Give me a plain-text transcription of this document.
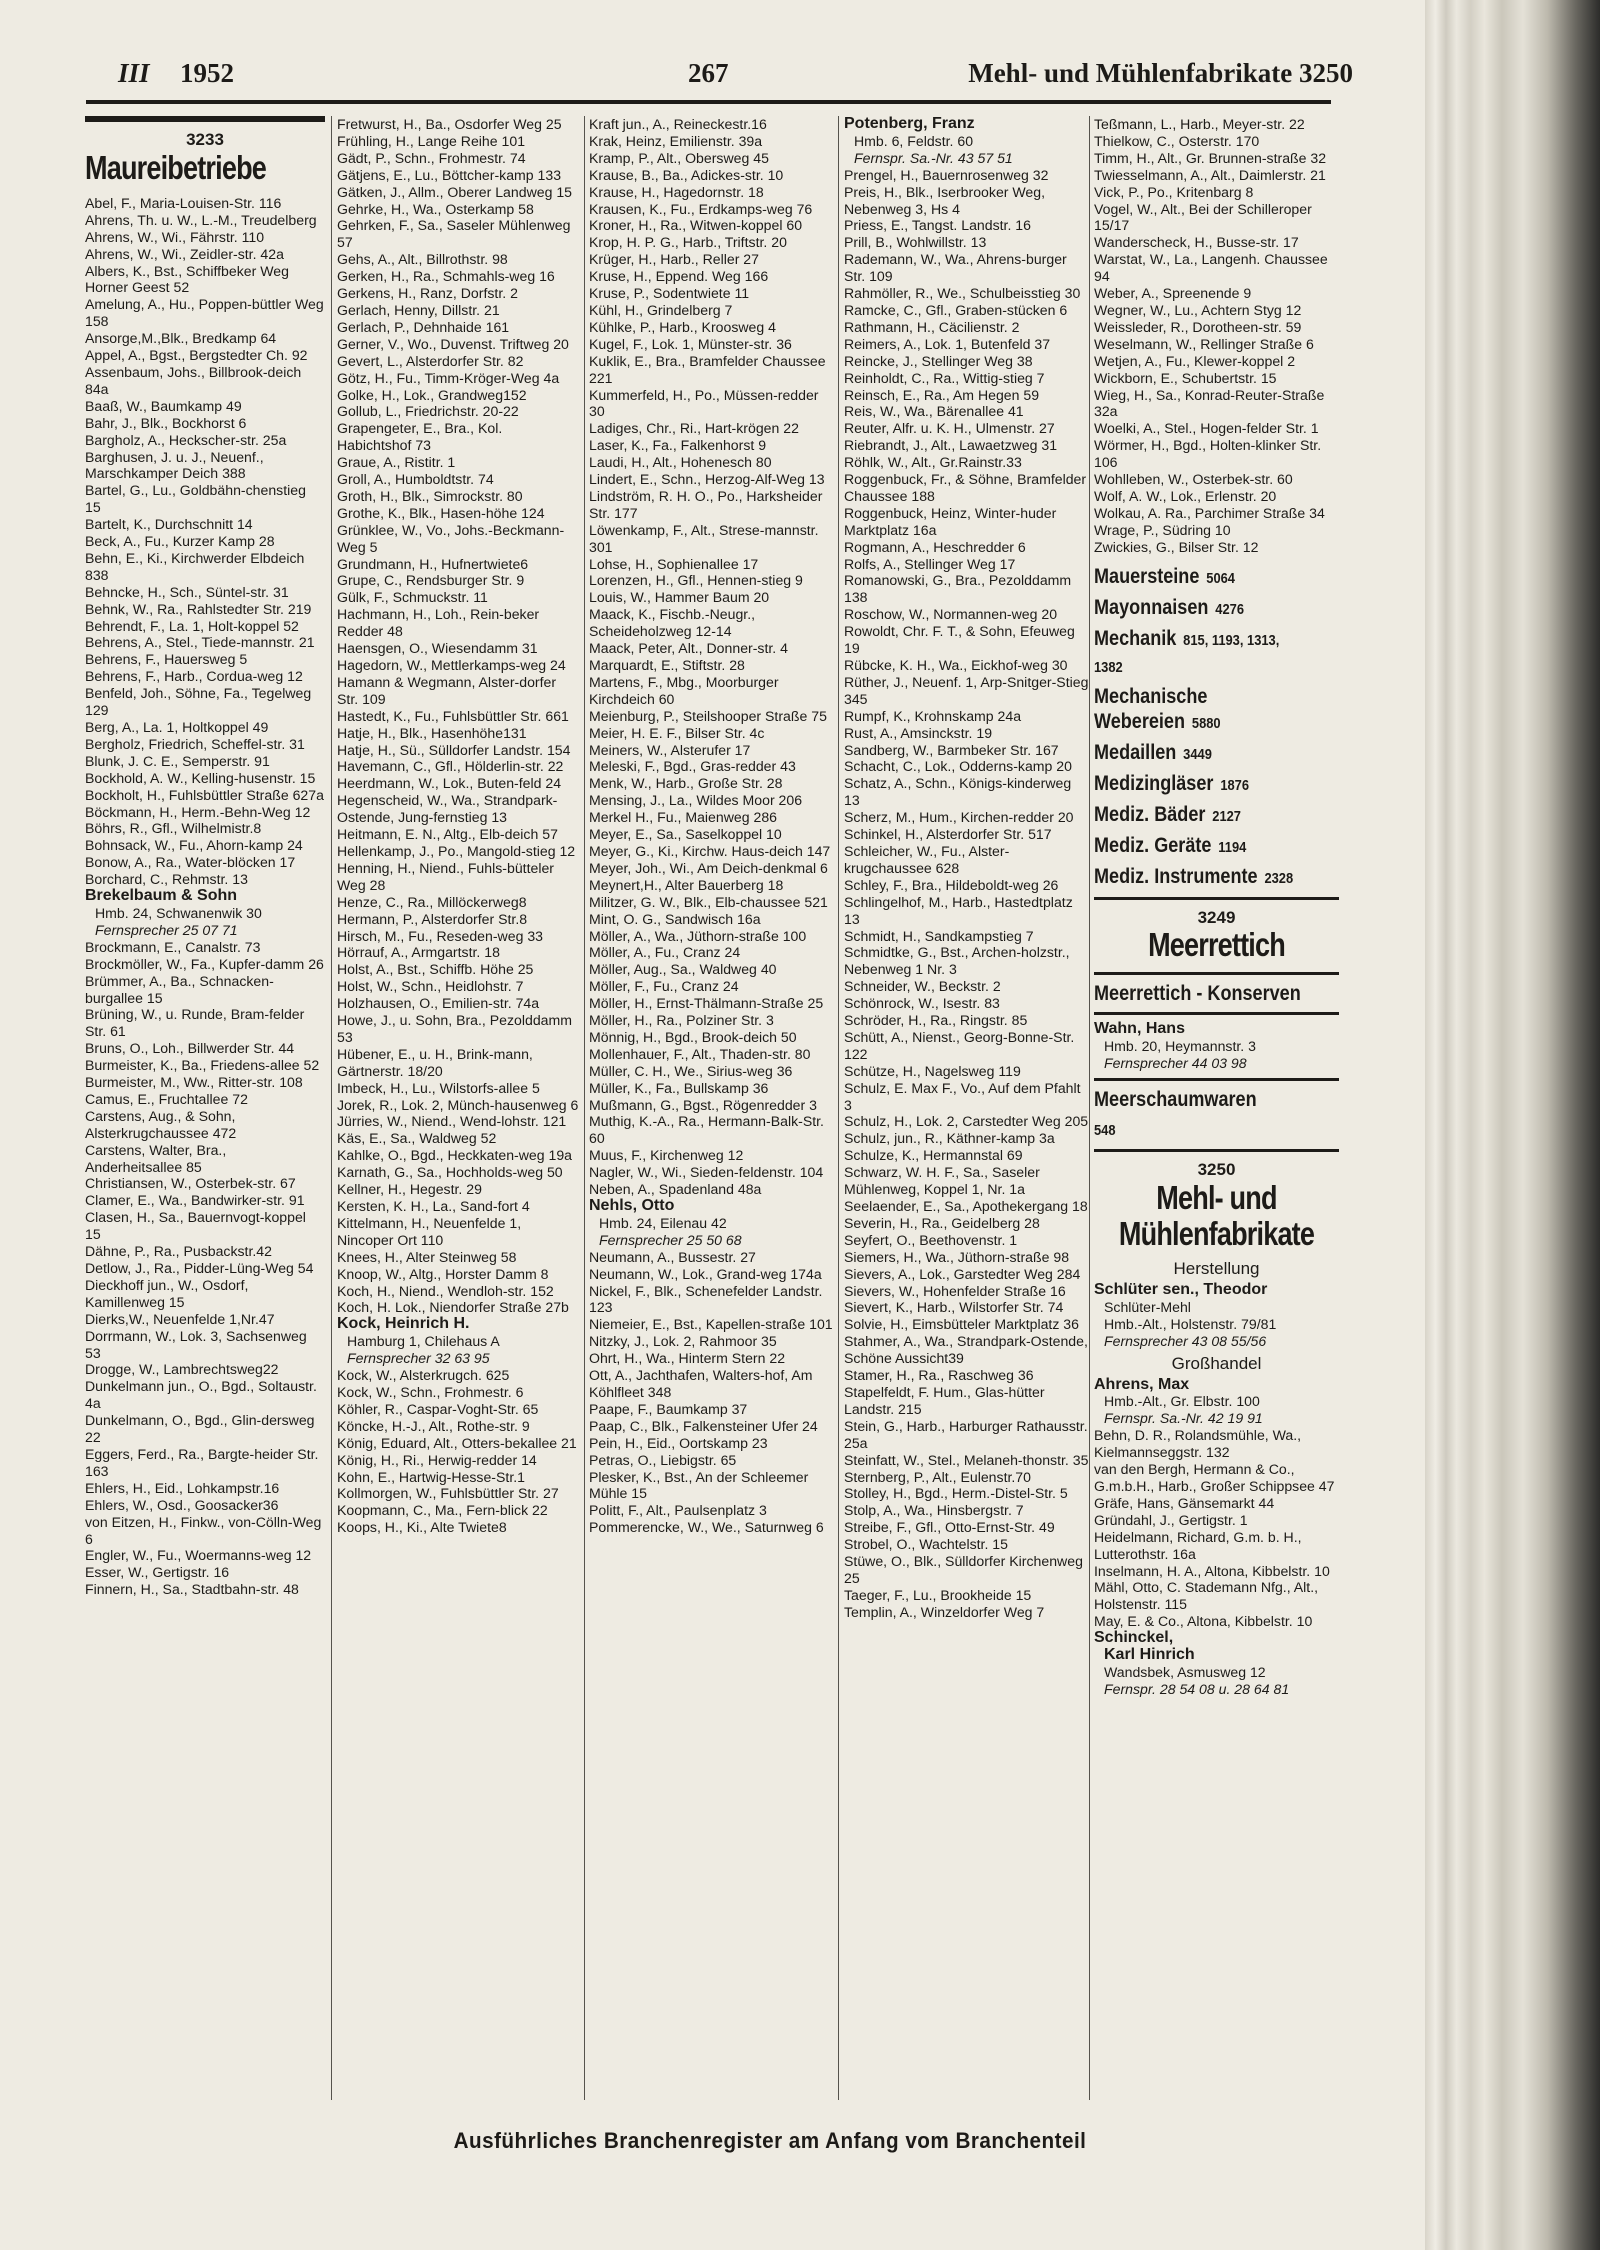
III 1952	267	Mehl- und Mühlenfabrikate 3250
3233
Maureibetriebe
Abel, F., Maria-Louisen-Str. 116
Ahrens, Th. u. W., L.-M., Treudelberg
Ahrens, W., Wi., Fährstr. 110
Ahrens, W., Wi., Zeidler-str. 42a
Albers, K., Bst., Schiffbeker Weg Horner Geest 52
Amelung, A., Hu., Poppen-büttler Weg 158
Ansorge,M.,Blk., Bredkamp 64
Appel, A., Bgst., Bergstedter Ch. 92
Assenbaum, Johs., Billbrook-deich 84a
Baaß, W., Baumkamp 49
Bahr, J., Blk., Bockhorst 6
Bargholz, A., Heckscher-str. 25a
Barghusen, J. u. J., Neuenf., Marschkamper Deich 388
Bartel, G., Lu., Goldbähn-chenstieg 15
Bartelt, K., Durchschnitt 14
Beck, A., Fu., Kurzer Kamp 28
Behn, E., Ki., Kirchwerder Elbdeich 838
Behncke, H., Sch., Süntel-str. 31
Behnk, W., Ra., Rahlstedter Str. 219
Behrendt, F., La. 1, Holt-koppel 52
Behrens, A., Stel., Tiede-mannstr. 21
Behrens, F., Hauersweg 5
Behrens, F., Harb., Cordua-weg 12
Benfeld, Joh., Söhne, Fa., Tegelweg 129
Berg, A., La. 1, Holtkoppel 49
Bergholz, Friedrich, Scheffel-str. 31
Blunk, J. C. E., Semperstr. 91
Bockhold, A. W., Kelling-husenstr. 15
Bockholt, H., Fuhlsbüttler Straße 627a
Böckmann, H., Herm.-Behn-Weg 12
Böhrs, R., Gfl., Wilhelmistr.8
Bohnsack, W., Fu., Ahorn-kamp 24
Bonow, A., Ra., Water-blöcken 17
Borchard, C., Rehmstr. 13
Brekelbaum & Sohn
Hmb. 24, Schwanenwik 30
Fernsprecher 25 07 71
Brockmann, E., Canalstr. 73
Brockmöller, W., Fa., Kupfer-damm 26
Brümmer, A., Ba., Schnacken-burgallee 15
Brüning, W., u. Runde, Bram-felder Str. 61
Bruns, O., Loh., Billwerder Str. 44
Burmeister, K., Ba., Friedens-allee 52
Burmeister, M., Ww., Ritter-str. 108
Camus, E., Fruchtallee 72
Carstens, Aug., & Sohn, Alsterkrugchaussee 472
Carstens, Walter, Bra., Anderheitsallee 85
Christiansen, W., Osterbek-str. 67
Clamer, E., Wa., Bandwirker-str. 91
Clasen, H., Sa., Bauernvogt-koppel 15
Dähne, P., Ra., Pusbackstr.42
Detlow, J., Ra., Pidder-Lüng-Weg 54
Dieckhoff jun., W., Osdorf, Kamillenweg 15
Dierks,W., Neuenfelde 1,Nr.47
Dorrmann, W., Lok. 3, Sachsenweg 53
Drogge, W., Lambrechtsweg22
Dunkelmann jun., O., Bgd., Soltaustr. 4a
Dunkelmann, O., Bgd., Glin-dersweg 22
Eggers, Ferd., Ra., Bargte-heider Str. 163
Ehlers, H., Eid., Lohkampstr.16
Ehlers, W., Osd., Goosacker36
von Eitzen, H., Finkw., von-Cölln-Weg 6
Engler, W., Fu., Woermanns-weg 12
Esser, W., Gertigstr. 16
Finnern, H., Sa., Stadtbahn-str. 48
Fretwurst, H., Ba., Osdorfer Weg 25
Frühling, H., Lange Reihe 101
Gädt, P., Schn., Frohmestr. 74
Gätjens, E., Lu., Böttcher-kamp 133
Gätken, J., Allm., Oberer Landweg 15
Gehrke, H., Wa., Osterkamp 58
Gehrken, F., Sa., Saseler Mühlenweg 57
Gehs, A., Alt., Billrothstr. 98
Gerken, H., Ra., Schmahls-weg 16
Gerkens, H., Ranz, Dorfstr. 2
Gerlach, Henny, Dillstr. 21
Gerlach, P., Dehnhaide 161
Gerner, V., Wo., Duvenst. Triftweg 20
Gevert, L., Alsterdorfer Str. 82
Götz, H., Fu., Timm-Kröger-Weg 4a
Golke, H., Lok., Grandweg152
Gollub, L., Friedrichstr. 20-22
Grapengeter, E., Bra., Kol. Habichtshof 73
Graue, A., Ristitr. 1
Groll, A., Humboldtstr. 74
Groth, H., Blk., Simrockstr. 80
Grothe, K., Blk., Hasen-höhe 124
Grünklee, W., Vo., Johs.-Beckmann-Weg 5
Grundmann, H., Hufnertwiete6
Grupe, C., Rendsburger Str. 9
Gülk, F., Schmuckstr. 11
Hachmann, H., Loh., Rein-beker Redder 48
Haensgen, O., Wiesendamm 31
Hagedorn, W., Mettlerkamps-weg 24
Hamann & Wegmann, Alster-dorfer Str. 109
Hastedt, K., Fu., Fuhlsbüttler Str. 661
Hatje, H., Blk., Hasenhöhe131
Hatje, H., Sü., Sülldorfer Landstr. 154
Havemann, C., Gfl., Hölderlin-str. 22
Heerdmann, W., Lok., Buten-feld 24
Hegenscheid, W., Wa., Strandpark-Ostende, Jung-fernstieg 13
Heitmann, E. N., Altg., Elb-deich 57
Hellenkamp, J., Po., Mangold-stieg 12
Henning, H., Niend., Fuhls-bütteler Weg 28
Henze, C., Ra., Millöckerweg8
Hermann, P., Alsterdorfer Str.8
Hirsch, M., Fu., Reseden-weg 33
Hörrauf, A., Armgartstr. 18
Holst, A., Bst., Schiffb. Höhe 25
Holst, W., Schn., Heidlohstr. 7
Holzhausen, O., Emilien-str. 74a
Howe, J., u. Sohn, Bra., Pezolddamm 53
Hübener, E., u. H., Brink-mann, Gärtnerstr. 18/20
Imbeck, H., Lu., Wilstorfs-allee 5
Jorek, R., Lok. 2, Münch-hausenweg 6
Jürries, W., Niend., Wend-lohstr. 121
Käs, E., Sa., Waldweg 52
Kahlke, O., Bgd., Heckkaten-weg 19a
Karnath, G., Sa., Hochholds-weg 50
Kellner, H., Hegestr. 29
Kersten, K. H., La., Sand-fort 4
Kittelmann, H., Neuenfelde 1, Nincoper Ort 110
Knees, H., Alter Steinweg 58
Knoop, W., Altg., Horster Damm 8
Koch, H., Niend., Wendloh-str. 152
Koch, H. Lok., Niendorfer Straße 27b
Kock, Heinrich H.
Hamburg 1, Chilehaus A
Fernsprecher 32 63 95
Kock, W., Alsterkrugch. 625
Kock, W., Schn., Frohmestr. 6
Köhler, R., Caspar-Voght-Str. 65
Köncke, H.-J., Alt., Rothe-str. 9
König, Eduard, Alt., Otters-bekallee 21
König, H., Ri., Herwig-redder 14
Kohn, E., Hartwig-Hesse-Str.1
Kollmorgen, W., Fuhlsbüttler Str. 27
Koopmann, C., Ma., Fern-blick 22
Koops, H., Ki., Alte Twiete8
Kraft jun., A., Reineckestr.16
Krak, Heinz, Emilienstr. 39a
Kramp, P., Alt., Obersweg 45
Krause, B., Ba., Adickes-str. 10
Krause, H., Hagedornstr. 18
Krausen, K., Fu., Erdkamps-weg 76
Kroner, H., Ra., Witwen-koppel 60
Krop, H. P. G., Harb., Triftstr. 20
Krüger, H., Harb., Reller 27
Kruse, H., Eppend. Weg 166
Kruse, P., Sodentwiete 11
Kühl, H., Grindelberg 7
Kühlke, P., Harb., Kroosweg 4
Kugel, F., Lok. 1, Münster-str. 36
Kuklik, E., Bra., Bramfelder Chaussee 221
Kummerfeld, H., Po., Müssen-redder 30
Ladiges, Chr., Ri., Hart-krögen 22
Laser, K., Fa., Falkenhorst 9
Laudi, H., Alt., Hohenesch 80
Lindert, E., Schn., Herzog-Alf-Weg 13
Lindström, R. H. O., Po., Harksheider Str. 177
Löwenkamp, F., Alt., Strese-mannstr. 301
Lohse, H., Sophienallee 17
Lorenzen, H., Gfl., Hennen-stieg 9
Louis, W., Hammer Baum 20
Maack, K., Fischb.-Neugr., Scheideholzweg 12-14
Maack, Peter, Alt., Donner-str. 4
Marquardt, E., Stiftstr. 28
Martens, F., Mbg., Moorburger Kirchdeich 60
Meienburg, P., Steilshooper Straße 75
Meier, H. E. F., Bilser Str. 4c
Meiners, W., Alsterufer 17
Meleski, F., Bgd., Gras-redder 43
Menk, W., Harb., Große Str. 28
Mensing, J., La., Wildes Moor 206
Merkel H., Fu., Maienweg 286
Meyer, E., Sa., Saselkoppel 10
Meyer, G., Ki., Kirchw. Haus-deich 147
Meyer, Joh., Wi., Am Deich-denkmal 6
Meynert,H., Alter Bauerberg 18
Militzer, G. W., Blk., Elb-chaussee 521
Mint, O. G., Sandwisch 16a
Möller, A., Wa., Jüthorn-straße 100
Möller, A., Fu., Cranz 24
Möller, Aug., Sa., Waldweg 40
Möller, F., Fu., Cranz 24
Möller, H., Ernst-Thälmann-Straße 25
Möller, H., Ra., Polziner Str. 3
Mönnig, H., Bgd., Brook-deich 50
Mollenhauer, F., Alt., Thaden-str. 80
Müller, C. H., We., Sirius-weg 36
Müller, K., Fa., Bullskamp 36
Mußmann, G., Bgst., Rögenredder 3
Muthig, K.-A., Ra., Hermann-Balk-Str. 60
Muus, F., Kirchenweg 12
Nagler, W., Wi., Sieden-feldenstr. 104
Neben, A., Spadenland 48a
Nehls, Otto
Hmb. 24, Eilenau 42
Fernsprecher 25 50 68
Neumann, A., Bussestr. 27
Neumann, W., Lok., Grand-weg 174a
Nickel, F., Blk., Schenefelder Landstr. 123
Niemeier, E., Bst., Kapellen-straße 101
Nitzky, J., Lok. 2, Rahmoor 35
Ohrt, H., Wa., Hinterm Stern 22
Ott, A., Jachthafen, Walters-hof, Am Köhlfleet 348
Paape, F., Baumkamp 37
Paap, C., Blk., Falkensteiner Ufer 24
Pein, H., Eid., Oortskamp 23
Petras, O., Liebigstr. 65
Plesker, K., Bst., An der Schleemer Mühle 15
Politt, F., Alt., Paulsenplatz 3
Pommerencke, W., We., Saturnweg 6
Potenberg, Franz
Hmb. 6, Feldstr. 60
Fernspr. Sa.-Nr. 43 57 51
Prengel, H., Bauernrosenweg 32
Preis, H., Blk., Iserbrooker Weg, Nebenweg 3, Hs 4
Priess, E., Tangst. Landstr. 16
Prill, B., Wohlwillstr. 13
Rademann, W., Wa., Ahrens-burger Str. 109
Rahmöller, R., We., Schulbeisstieg 30
Ramcke, C., Gfl., Graben-stücken 6
Rathmann, H., Cäcilienstr. 2
Reimers, A., Lok. 1, Butenfeld 37
Reincke, J., Stellinger Weg 38
Reinholdt, C., Ra., Wittig-stieg 7
Reinsch, E., Ra., Am Hegen 59
Reis, W., Wa., Bärenallee 41
Reuter, Alfr. u. K. H., Ulmenstr. 27
Riebrandt, J., Alt., Lawaetzweg 31
Röhlk, W., Alt., Gr.Rainstr.33
Roggenbuck, Fr., & Söhne, Bramfelder Chaussee 188
Roggenbuck, Heinz, Winter-huder Marktplatz 16a
Rogmann, A., Heschredder 6
Rolfs, A., Stellinger Weg 17
Romanowski, G., Bra., Pezolddamm 138
Roschow, W., Normannen-weg 20
Rowoldt, Chr. F. T., & Sohn, Efeuweg 19
Rübcke, K. H., Wa., Eickhof-weg 30
Rüther, J., Neuenf. 1, Arp-Snitger-Stieg 345
Rumpf, K., Krohnskamp 24a
Rust, A., Amsinckstr. 19
Sandberg, W., Barmbeker Str. 167
Schacht, C., Lok., Odderns-kamp 20
Schatz, A., Schn., Königs-kinderweg 13
Scherz, M., Hum., Kirchen-redder 20
Schinkel, H., Alsterdorfer Str. 517
Schleicher, W., Fu., Alster-krugchaussee 628
Schley, F., Bra., Hildeboldt-weg 26
Schlingelhof, M., Harb., Hastedtplatz 13
Schmidt, H., Sandkampstieg 7
Schmidtke, G., Bst., Archen-holzstr., Nebenweg 1 Nr. 3
Schneider, W., Beckstr. 2
Schönrock, W., Isestr. 83
Schröder, H., Ra., Ringstr. 85
Schütt, A., Nienst., Georg-Bonne-Str. 122
Schütze, H., Nagelsweg 119
Schulz, E. Max F., Vo., Auf dem Pfahlt 3
Schulz, H., Lok. 2, Carstedter Weg 205
Schulz, jun., R., Käthner-kamp 3a
Schulze, K., Hermannstal 69
Schwarz, W. H. F., Sa., Saseler Mühlenweg, Koppel 1, Nr. 1a
Seelaender, E., Sa., Apothekergang 18
Severin, H., Ra., Geidelberg 28
Seyfert, O., Beethovenstr. 1
Siemers, H., Wa., Jüthorn-straße 98
Sievers, A., Lok., Garstedter Weg 284
Sievers, W., Hohenfelder Straße 16
Sievert, K., Harb., Wilstorfer Str. 74
Solvie, H., Eimsbütteler Marktplatz 36
Stahmer, A., Wa., Strandpark-Ostende, Schöne Aussicht39
Stamer, H., Ra., Raschweg 36
Stapelfeldt, F. Hum., Glas-hütter Landstr. 215
Stein, G., Harb., Harburger Rathausstr. 25a
Steinfatt, W., Stel., Melaneh-thonstr. 35
Sternberg, P., Alt., Eulenstr.70
Stolley, H., Bgd., Herm.-Distel-Str. 5
Stolp, A., Wa., Hinsbergstr. 7
Streibe, F., Gfl., Otto-Ernst-Str. 49
Strobel, O., Wachtelstr. 15
Stüwe, O., Blk., Sülldorfer Kirchenweg 25
Taeger, F., Lu., Brookheide 15
Templin, A., Winzeldorfer Weg 7
Teßmann, L., Harb., Meyer-str. 22
Thielkow, C., Osterstr. 170
Timm, H., Alt., Gr. Brunnen-straße 32
Twiesselmann, A., Alt., Daimlerstr. 21
Vick, P., Po., Kritenbarg 8
Vogel, W., Alt., Bei der Schilleroper 15/17
Wanderscheck, H., Busse-str. 17
Warstat, W., La., Langenh. Chaussee 94
Weber, A., Spreenende 9
Wegner, W., Lu., Achtern Styg 12
Weissleder, R., Dorotheen-str. 59
Weselmann, W., Rellinger Straße 6
Wetjen, A., Fu., Klewer-koppel 2
Wickborn, E., Schubertstr. 15
Wieg, H., Sa., Konrad-Reuter-Straße 32a
Woelki, A., Stel., Hogen-felder Str. 1
Wörmer, H., Bgd., Holten-klinker Str. 106
Wohlleben, W., Osterbek-str. 60
Wolf, A. W., Lok., Erlenstr. 20
Wolkau, A. Ra., Parchimer Straße 34
Wrage, P., Südring 10
Zwickies, G., Bilser Str. 12
Mauersteine 5064
Mayonnaisen 4276
Mechanik 815, 1193, 1313, 1382
Mechanische Webereien 5880
Medaillen 3449
Medizingläser 1876
Mediz. Bäder 2127
Mediz. Geräte 1194
Mediz. Instrumente 2328
3249
Meerrettich
Meerrettich - Konserven
Wahn, Hans
Hmb. 20, Heymannstr. 3
Fernsprecher 44 03 98
Meerschaumwaren
548
3250
Mehl- und
Mühlenfabrikate
Herstellung
Schlüter sen., Theodor
Schlüter-Mehl
Hmb.-Alt., Holstenstr. 79/81
Fernsprecher 43 08 55/56
Großhandel
Ahrens, Max
Hmb.-Alt., Gr. Elbstr. 100
Fernspr. Sa.-Nr. 42 19 91
Behn, D. R., Rolandsmühle, Wa., Kielmannseggstr. 132
van den Bergh, Hermann & Co., G.m.b.H., Harb., Großer Schippsee 47
Gräfe, Hans, Gänsemarkt 44
Gründahl, J., Gertigstr. 1
Heidelmann, Richard, G.m. b. H., Lutterothstr. 16a
Inselmann, H. A., Altona, Kibbelstr. 10
Mähl, Otto, C. Stademann Nfg., Alt., Holstenstr. 115
May, E. & Co., Altona, Kibbelstr. 10
Schinckel,
Karl Hinrich
Wandsbek, Asmusweg 12
Fernspr. 28 54 08 u. 28 64 81
Ausführliches Branchenregister am Anfang vom Branchenteil
